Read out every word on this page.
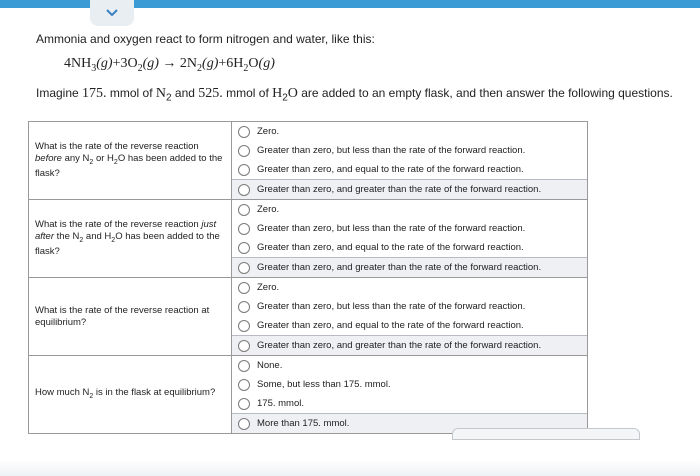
Ammonia and oxygen react to form nitrogen and water, like this:
$4NH_3(g)+3O_2(g) \to 2N_2(g)+6H_2O(g)$
Imagine 175. mmol of $N_2$ and 525. mmol of $H_2O$ are added to an empty flask, and then answer the following questions.
What is the rate of the reverse reaction before any $N_2$ or $H_2O$ has been added to the flask?	Zero.
Greater than zero, but less than the rate of the forward reaction.
Greater than zero, and equal to the rate of the forward reaction.
Greater than zero, and greater than the rate of the forward reaction.

What is the rate of the reverse reaction just after the $N_2$ and $H_2O$ has been added to the flask?	Zero.
Greater than zero, but less than the rate of the forward reaction.
Greater than zero, and equal to the rate of the forward reaction.
Greater than zero, and greater than the rate of the forward reaction.

What is the rate of the reverse reaction at equilibrium?	Zero.
Greater than zero, but less than the rate of the forward reaction.
Greater than zero, and equal to the rate of the forward reaction.
Greater than zero, and greater than the rate of the forward reaction.

How much $N_2$ is in the flask at equilibrium?	None.
Some, but less than 175. mmol.
175. mmol.
More than 175. mmol.
